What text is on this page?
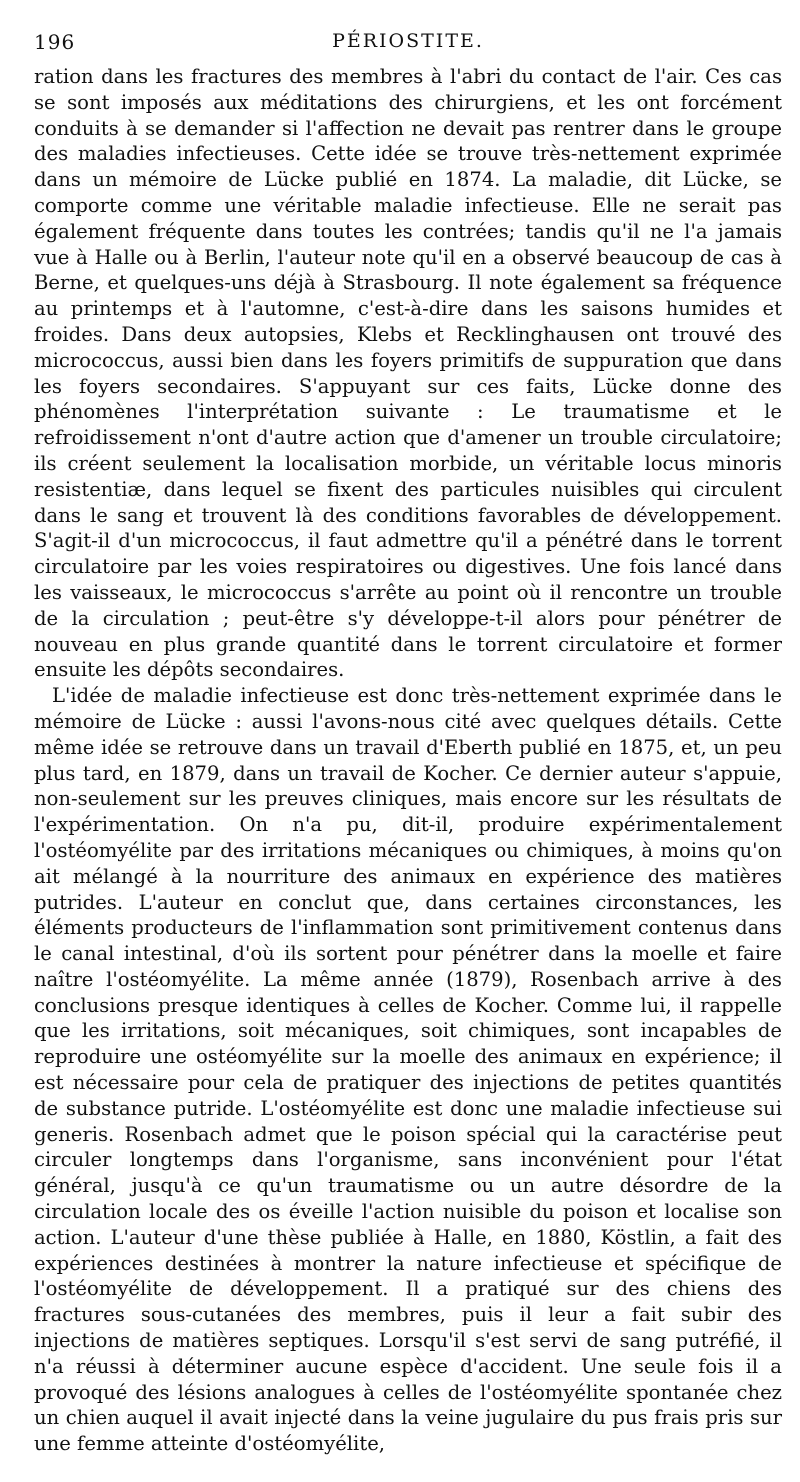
196	PÉRIOSTITE.

ration dans les fractures des membres à l'abri du contact de l'air. Ces cas se sont imposés aux méditations des chirurgiens, et les ont forcément conduits à se demander si l'affection ne devait pas rentrer dans le groupe des maladies infectieuses. Cette idée se trouve très-nettement exprimée dans un mémoire de Lücke publié en 1874. La maladie, dit Lücke, se comporte comme une véritable maladie infectieuse. Elle ne serait pas également fréquente dans toutes les contrées; tandis qu'il ne l'a jamais vue à Halle ou à Berlin, l'auteur note qu'il en a observé beaucoup de cas à Berne, et quelques-uns déjà à Strasbourg. Il note également sa fréquence au printemps et à l'automne, c'est-à-dire dans les saisons humides et froides. Dans deux autopsies, Klebs et Recklinghausen ont trouvé des micrococcus, aussi bien dans les foyers primitifs de suppuration que dans les foyers secondaires. S'appuyant sur ces faits, Lücke donne des phénomènes l'interprétation suivante : Le traumatisme et le refroidissement n'ont d'autre action que d'amener un trouble circulatoire; ils créent seulement la localisation morbide, un véritable locus minoris resistentiæ, dans lequel se fixent des particules nuisibles qui circulent dans le sang et trouvent là des conditions favorables de développement. S'agit-il d'un micrococcus, il faut admettre qu'il a pénétré dans le torrent circulatoire par les voies respiratoires ou digestives. Une fois lancé dans les vaisseaux, le micrococcus s'arrête au point où il rencontre un trouble de la circulation ; peut-être s'y développe-t-il alors pour pénétrer de nouveau en plus grande quantité dans le torrent circulatoire et former ensuite les dépôts secondaires.

L'idée de maladie infectieuse est donc très-nettement exprimée dans le mémoire de Lücke : aussi l'avons-nous cité avec quelques détails. Cette même idée se retrouve dans un travail d'Eberth publié en 1875, et, un peu plus tard, en 1879, dans un travail de Kocher. Ce dernier auteur s'appuie, non-seulement sur les preuves cliniques, mais encore sur les résultats de l'expérimentation. On n'a pu, dit-il, produire expérimentalement l'ostéomyélite par des irritations mécaniques ou chimiques, à moins qu'on ait mélangé à la nourriture des animaux en expérience des matières putrides. L'auteur en conclut que, dans certaines circonstances, les éléments producteurs de l'inflammation sont primitivement contenus dans le canal intestinal, d'où ils sortent pour pénétrer dans la moelle et faire naître l'ostéomyélite. La même année (1879), Rosenbach arrive à des conclusions presque identiques à celles de Kocher. Comme lui, il rappelle que les irritations, soit mécaniques, soit chimiques, sont incapables de reproduire une ostéomyélite sur la moelle des animaux en expérience; il est nécessaire pour cela de pratiquer des injections de petites quantités de substance putride. L'ostéomyélite est donc une maladie infectieuse sui generis. Rosenbach admet que le poison spécial qui la caractérise peut circuler longtemps dans l'organisme, sans inconvénient pour l'état général, jusqu'à ce qu'un traumatisme ou un autre désordre de la circulation locale des os éveille l'action nuisible du poison et localise son action. L'auteur d'une thèse publiée à Halle, en 1880, Köstlin, a fait des expériences destinées à montrer la nature infectieuse et spécifique de l'ostéomyélite de développement. Il a pratiqué sur des chiens des fractures sous-cutanées des membres, puis il leur a fait subir des injections de matières septiques. Lorsqu'il s'est servi de sang putréfié, il n'a réussi à déterminer aucune espèce d'accident. Une seule fois il a provoqué des lésions analogues à celles de l'ostéomyélite spontanée chez un chien auquel il avait injecté dans la veine jugulaire du pus frais pris sur une femme atteinte d'ostéomyélite,
